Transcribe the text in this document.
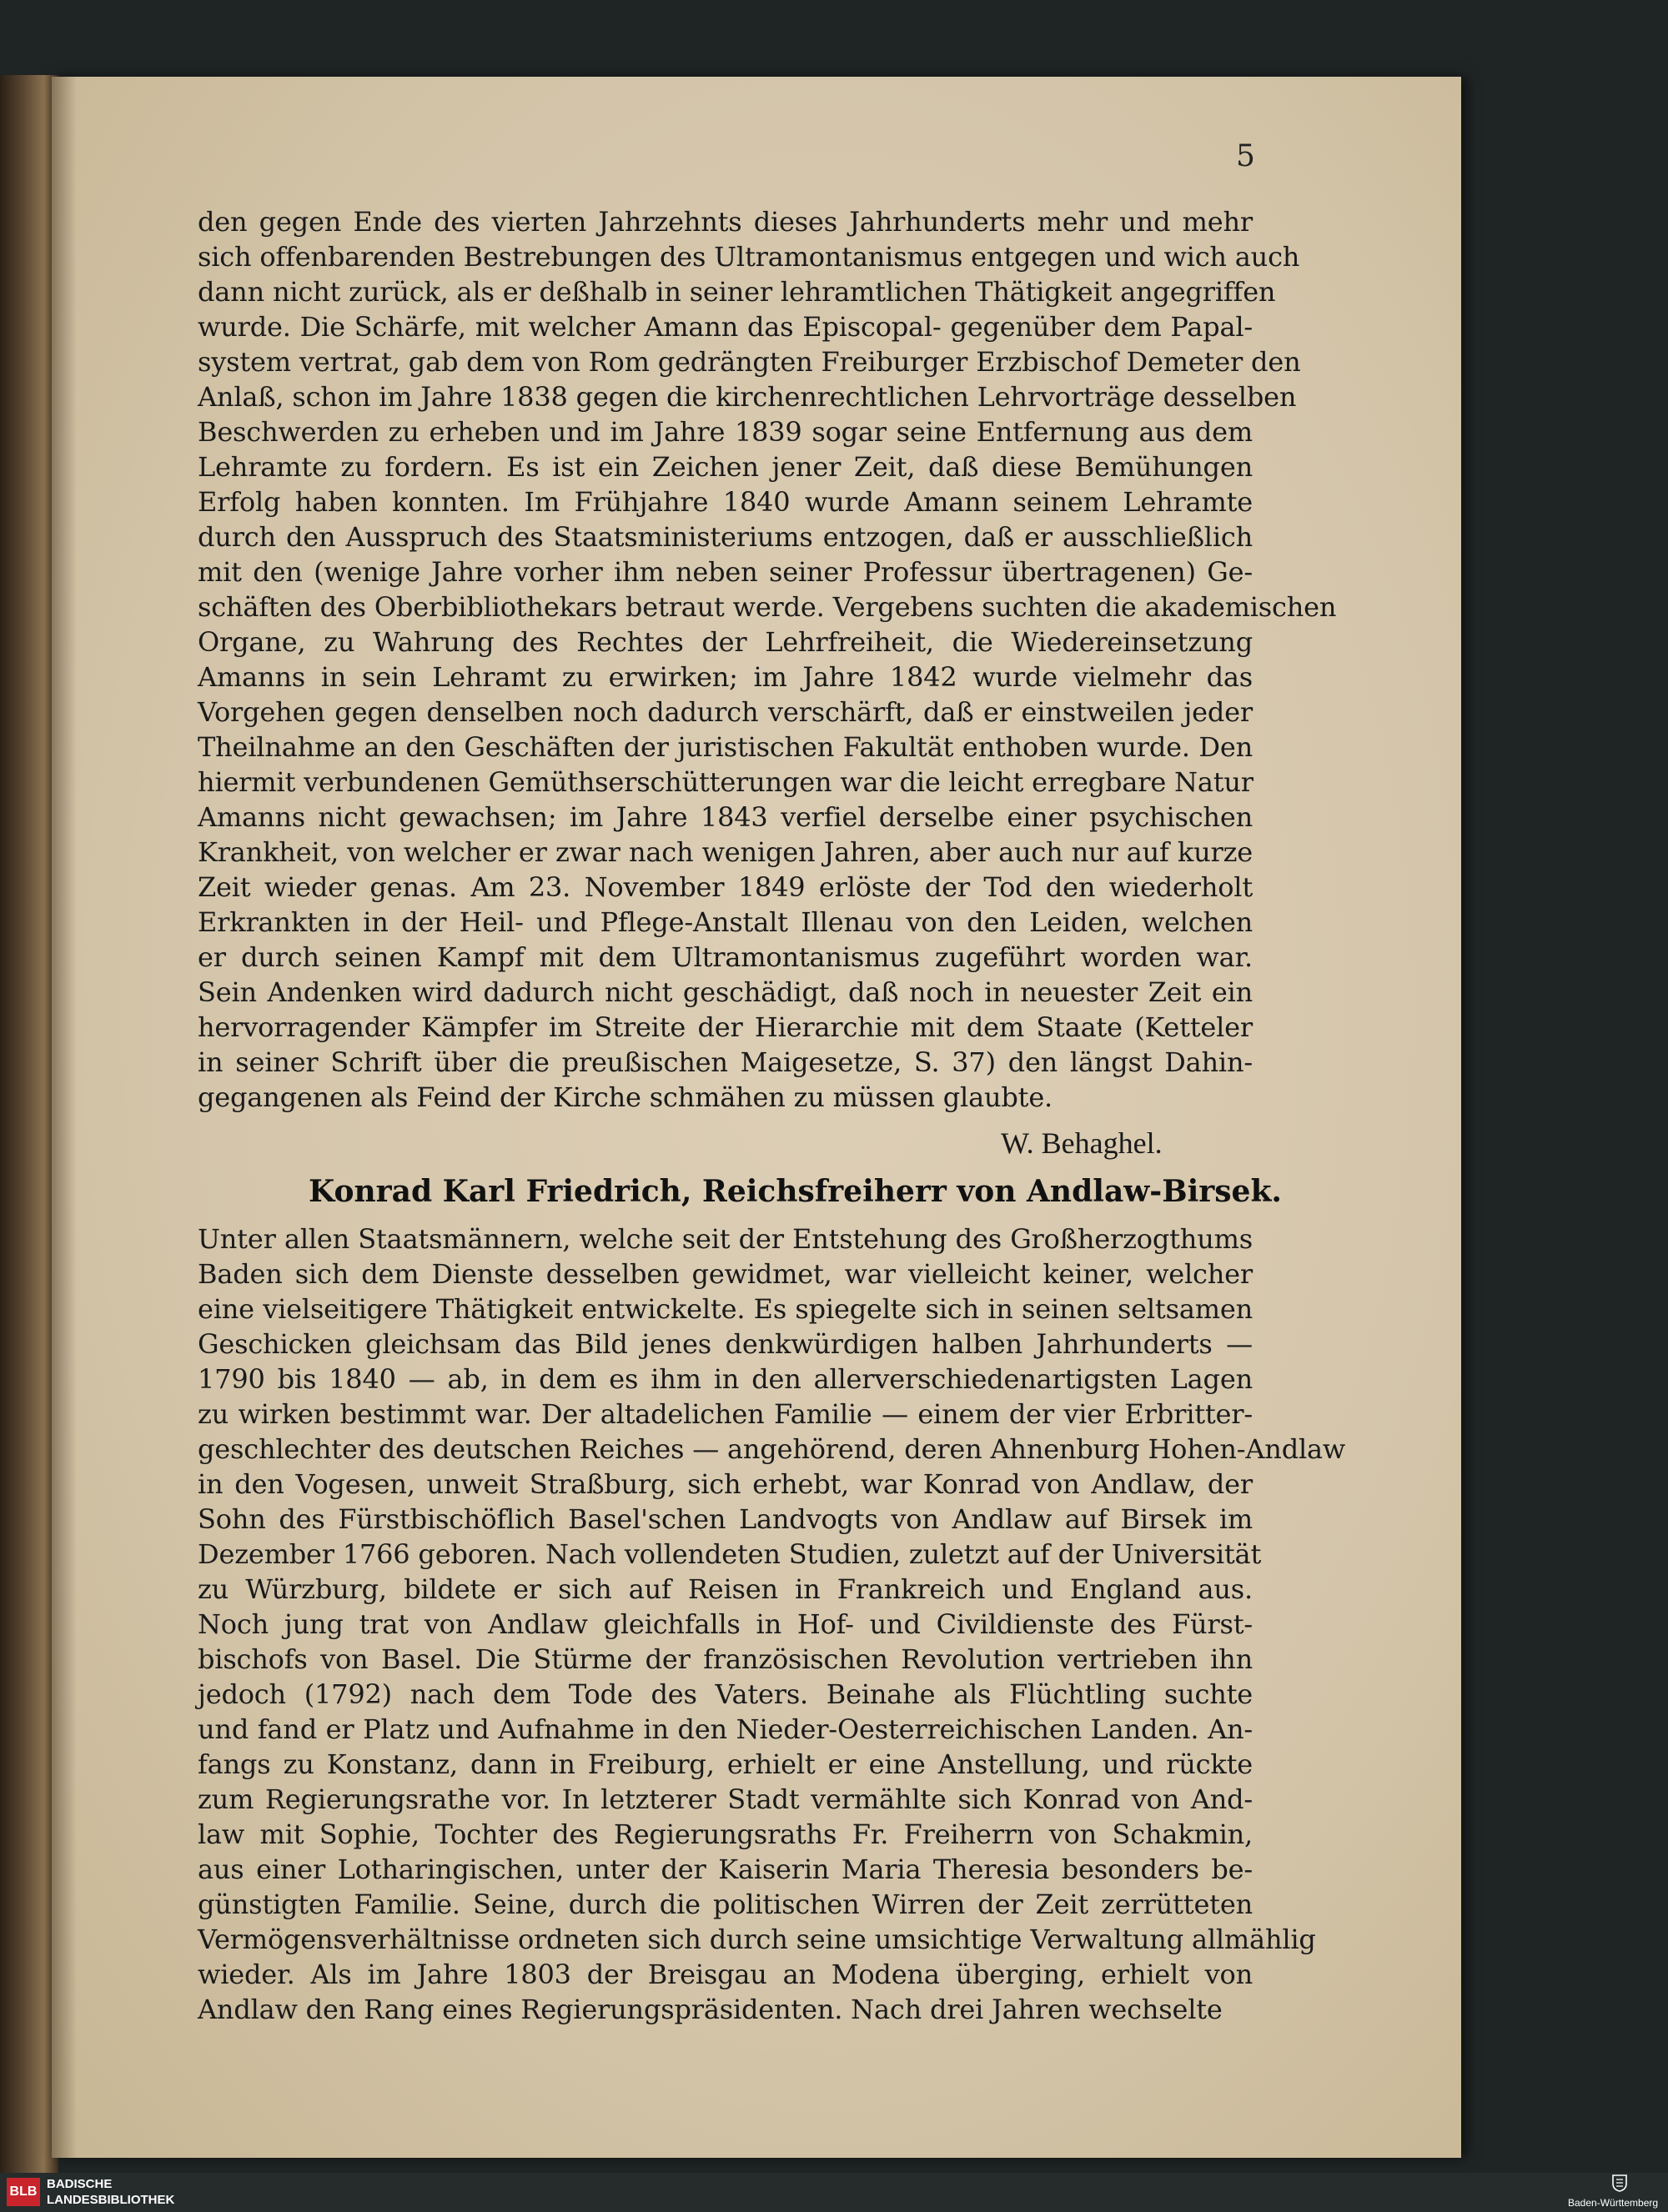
5
den gegen Ende des vierten Jahrzehnts dieses Jahrhunderts mehr und mehr
sich offenbarenden Bestrebungen des Ultramontanismus entgegen und wich auch
dann nicht zurück, als er deßhalb in seiner lehramtlichen Thätigkeit angegriffen
wurde. Die Schärfe, mit welcher Amann das Episcopal- gegenüber dem Papal-
system vertrat, gab dem von Rom gedrängten Freiburger Erzbischof Demeter den
Anlaß, schon im Jahre 1838 gegen die kirchenrechtlichen Lehrvorträge desselben
Beschwerden zu erheben und im Jahre 1839 sogar seine Entfernung aus dem
Lehramte zu fordern. Es ist ein Zeichen jener Zeit, daß diese Bemühungen
Erfolg haben konnten. Im Frühjahre 1840 wurde Amann seinem Lehramte
durch den Ausspruch des Staatsministeriums entzogen, daß er ausschließlich
mit den (wenige Jahre vorher ihm neben seiner Professur übertragenen) Ge-
schäften des Oberbibliothekars betraut werde. Vergebens suchten die akademischen
Organe, zu Wahrung des Rechtes der Lehrfreiheit, die Wiedereinsetzung
Amanns in sein Lehramt zu erwirken; im Jahre 1842 wurde vielmehr das
Vorgehen gegen denselben noch dadurch verschärft, daß er einstweilen jeder
Theilnahme an den Geschäften der juristischen Fakultät enthoben wurde. Den
hiermit verbundenen Gemüthserschütterungen war die leicht erregbare Natur
Amanns nicht gewachsen; im Jahre 1843 verfiel derselbe einer psychischen
Krankheit, von welcher er zwar nach wenigen Jahren, aber auch nur auf kurze
Zeit wieder genas. Am 23. November 1849 erlöste der Tod den wiederholt
Erkrankten in der Heil- und Pflege-Anstalt Illenau von den Leiden, welchen
er durch seinen Kampf mit dem Ultramontanismus zugeführt worden war.
Sein Andenken wird dadurch nicht geschädigt, daß noch in neuester Zeit ein
hervorragender Kämpfer im Streite der Hierarchie mit dem Staate (Ketteler
in seiner Schrift über die preußischen Maigesetze, S. 37) den längst Dahin-
gegangenen als Feind der Kirche schmähen zu müssen glaubte.
W. Behaghel.
Konrad Karl Friedrich, Reichsfreiherr von Andlaw-Birsek.
Unter allen Staatsmännern, welche seit der Entstehung des Großherzogthums
Baden sich dem Dienste desselben gewidmet, war vielleicht keiner, welcher
eine vielseitigere Thätigkeit entwickelte. Es spiegelte sich in seinen seltsamen
Geschicken gleichsam das Bild jenes denkwürdigen halben Jahrhunderts —
1790 bis 1840 — ab, in dem es ihm in den allerverschiedenartigsten Lagen
zu wirken bestimmt war. Der altadelichen Familie — einem der vier Erbritter-
geschlechter des deutschen Reiches — angehörend, deren Ahnenburg Hohen-Andlaw
in den Vogesen, unweit Straßburg, sich erhebt, war Konrad von Andlaw, der
Sohn des Fürstbischöflich Basel'schen Landvogts von Andlaw auf Birsek im
Dezember 1766 geboren. Nach vollendeten Studien, zuletzt auf der Universität
zu Würzburg, bildete er sich auf Reisen in Frankreich und England aus.
Noch jung trat von Andlaw gleichfalls in Hof- und Civildienste des Fürst-
bischofs von Basel. Die Stürme der französischen Revolution vertrieben ihn
jedoch (1792) nach dem Tode des Vaters. Beinahe als Flüchtling suchte
und fand er Platz und Aufnahme in den Nieder-Oesterreichischen Landen. An-
fangs zu Konstanz, dann in Freiburg, erhielt er eine Anstellung, und rückte
zum Regierungsrathe vor. In letzterer Stadt vermählte sich Konrad von And-
law mit Sophie, Tochter des Regierungsraths Fr. Freiherrn von Schakmin,
aus einer Lotharingischen, unter der Kaiserin Maria Theresia besonders be-
günstigten Familie. Seine, durch die politischen Wirren der Zeit zerrütteten
Vermögensverhältnisse ordneten sich durch seine umsichtige Verwaltung allmählig
wieder. Als im Jahre 1803 der Breisgau an Modena überging, erhielt von
Andlaw den Rang eines Regierungspräsidenten. Nach drei Jahren wechselte
BLB
BADISCHE
LANDESBIBLIOTHEK	Baden-Württemberg
